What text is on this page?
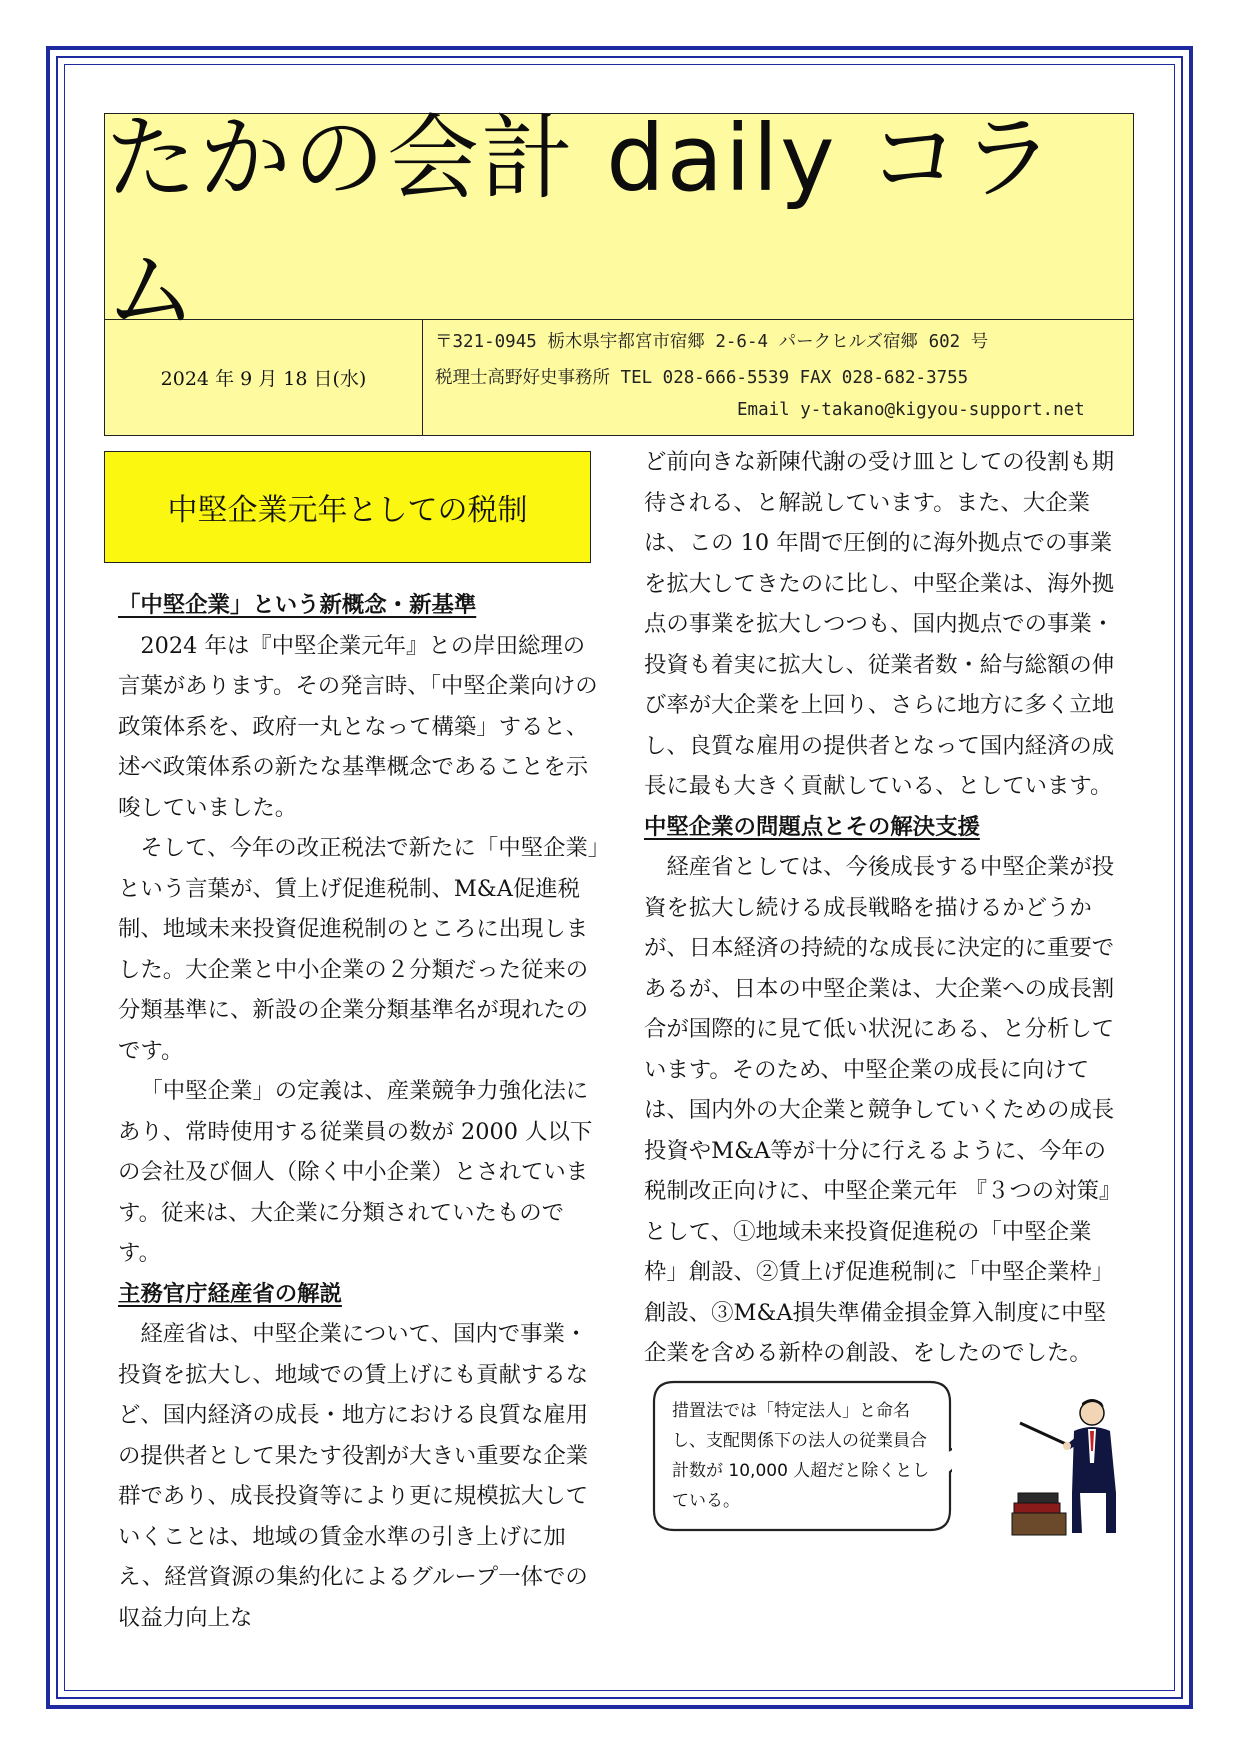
たかの会計 daily コラム
2024 年 9 月 18 日(水)
〒321-0945 栃木県宇都宮市宿郷 2-6-4 パークヒルズ宿郷 602 号
税理士高野好史事務所 TEL 028-666-5539 FAX 028-682-3755
Email y-takano@kigyou-support.net
中堅企業元年としての税制
「中堅企業」という新概念・新基準

2024 年は『中堅企業元年』との岸田総理の言葉があります。その発言時、「中堅企業向けの政策体系を、政府一丸となって構築」すると、述べ政策体系の新たな基準概念であることを示唆していました。

そして、今年の改正税法で新たに「中堅企業」という言葉が、賃上げ促進税制、M&A促進税制、地域未来投資促進税制のところに出現しました。大企業と中小企業の２分類だった従来の分類基準に、新設の企業分類基準名が現れたのです。

「中堅企業」の定義は、産業競争力強化法にあり、常時使用する従業員の数が 2000 人以下の会社及び個人（除く中小企業）とされています。従来は、大企業に分類されていたものです。

主務官庁経産省の解説

経産省は、中堅企業について、国内で事業・投資を拡大し、地域での賃上げにも貢献するなど、国内経済の成長・地方における良質な雇用の提供者として果たす役割が大きい重要な企業群であり、成長投資等により更に規模拡大していくことは、地域の賃金水準の引き上げに加え、経営資源の集約化によるグループ一体での収益力向上な

ど前向きな新陳代謝の受け皿としての役割も期待される、と解説しています。また、大企業は、この 10 年間で圧倒的に海外拠点での事業を拡大してきたのに比し、中堅企業は、海外拠点の事業を拡大しつつも、国内拠点での事業・投資も着実に拡大し、従業者数・給与総額の伸び率が大企業を上回り、さらに地方に多く立地し、良質な雇用の提供者となって国内経済の成長に最も大きく貢献している、としています。

中堅企業の問題点とその解決支援

経産省としては、今後成長する中堅企業が投資を拡大し続ける成長戦略を描けるかどうかが、日本経済の持続的な成長に決定的に重要であるが、日本の中堅企業は、大企業への成長割合が国際的に見て低い状況にある、と分析しています。そのため、中堅企業の成長に向けては、国内外の大企業と競争していくための成長投資やM&A等が十分に行えるように、今年の税制改正向けに、中堅企業元年 『３つの対策』として、①地域未来投資促進税の「中堅企業枠」創設、②賃上げ促進税制に「中堅企業枠」創設、③M&A損失準備金損金算入制度に中堅企業を含める新枠の創設、をしたのでした。

措置法では「特定法人」と命名し、支配関係下の法人の従業員合計数が 10,000 人超だと除くとしている。
